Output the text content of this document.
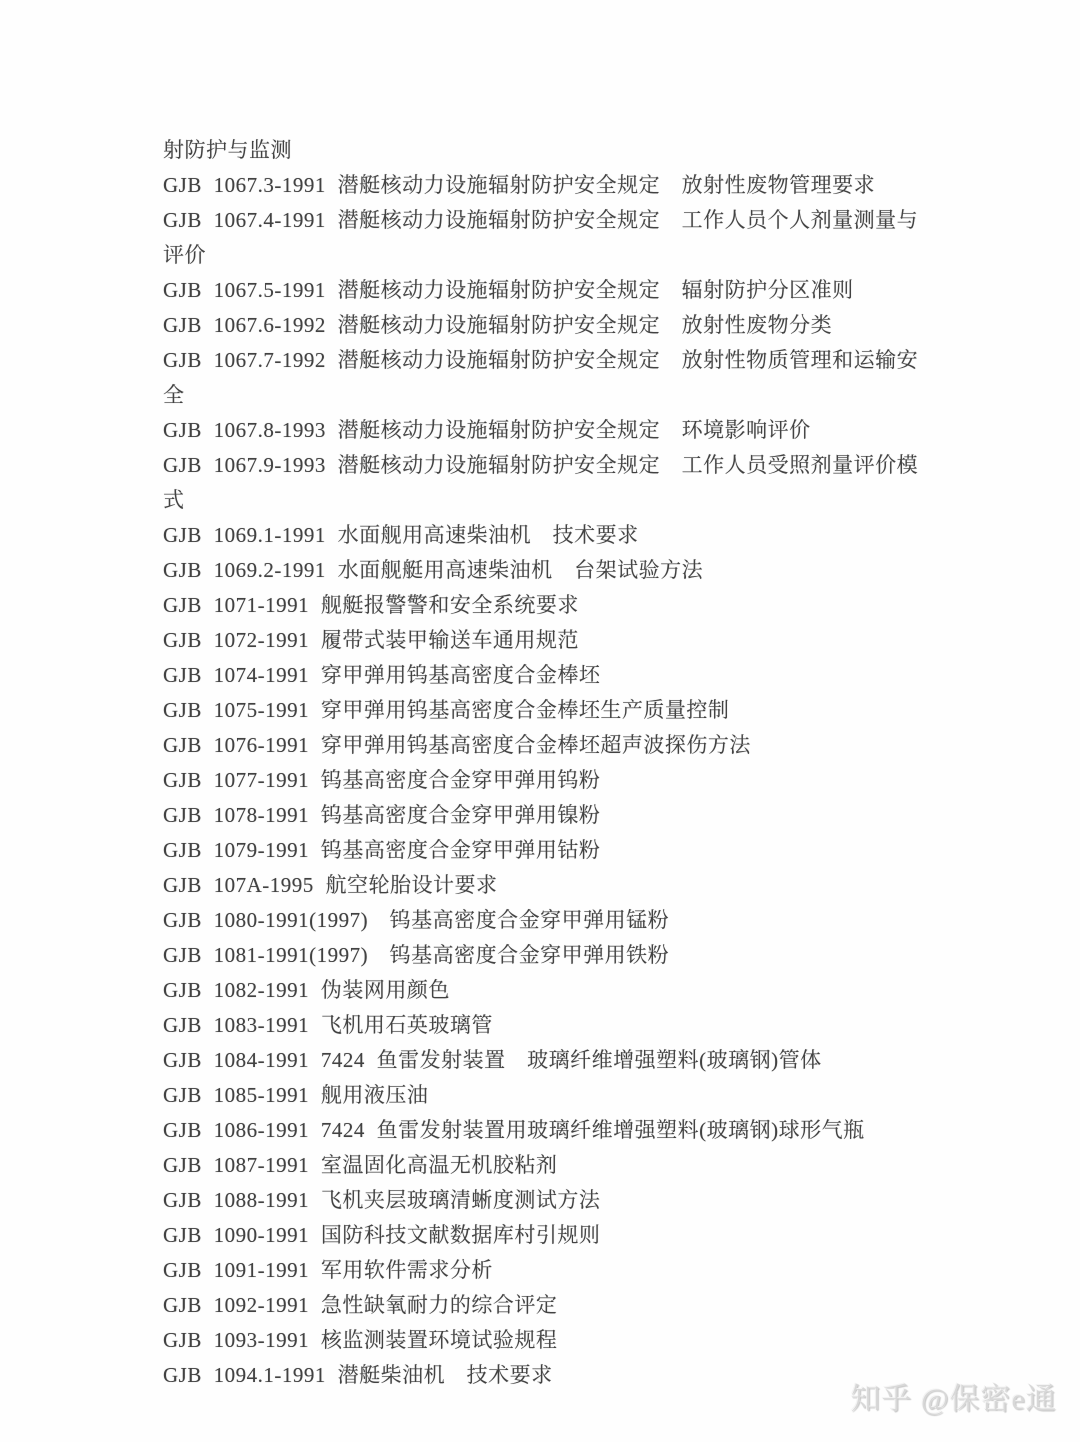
射防护与监测
GJB 1067.3-1991 潜艇核动力设施辐射防护安全规定　放射性废物管理要求
GJB 1067.4-1991 潜艇核动力设施辐射防护安全规定　工作人员个人剂量测量与
评价
GJB 1067.5-1991 潜艇核动力设施辐射防护安全规定　辐射防护分区准则
GJB 1067.6-1992 潜艇核动力设施辐射防护安全规定　放射性废物分类
GJB 1067.7-1992 潜艇核动力设施辐射防护安全规定　放射性物质管理和运输安
全
GJB 1067.8-1993 潜艇核动力设施辐射防护安全规定　环境影响评价
GJB 1067.9-1993 潜艇核动力设施辐射防护安全规定　工作人员受照剂量评价模
式
GJB 1069.1-1991 水面舰用高速柴油机　技术要求
GJB 1069.2-1991 水面舰艇用高速柴油机　台架试验方法
GJB 1071-1991 舰艇报警警和安全系统要求
GJB 1072-1991 履带式装甲输送车通用规范
GJB 1074-1991 穿甲弹用钨基高密度合金棒坯
GJB 1075-1991 穿甲弹用钨基高密度合金棒坯生产质量控制
GJB 1076-1991 穿甲弹用钨基高密度合金棒坯超声波探伤方法
GJB 1077-1991 钨基高密度合金穿甲弹用钨粉
GJB 1078-1991 钨基高密度合金穿甲弹用镍粉
GJB 1079-1991 钨基高密度合金穿甲弹用钴粉
GJB 107A-1995 航空轮胎设计要求
GJB 1080-1991(1997)　钨基高密度合金穿甲弹用锰粉
GJB 1081-1991(1997)　钨基高密度合金穿甲弹用铁粉
GJB 1082-1991 伪装网用颜色
GJB 1083-1991 飞机用石英玻璃管
GJB 1084-1991 7424 鱼雷发射装置　玻璃纤维增强塑料(玻璃钢)管体
GJB 1085-1991 舰用液压油
GJB 1086-1991 7424 鱼雷发射装置用玻璃纤维增强塑料(玻璃钢)球形气瓶
GJB 1087-1991 室温固化高温无机胶粘剂
GJB 1088-1991 飞机夹层玻璃清蜥度测试方法
GJB 1090-1991 国防科技文献数据库村引规则
GJB 1091-1991 军用软件需求分析
GJB 1092-1991 急性缺氧耐力的综合评定
GJB 1093-1991 核监测装置环境试验规程
GJB 1094.1-1991 潜艇柴油机　技术要求
知乎 @保密e通
